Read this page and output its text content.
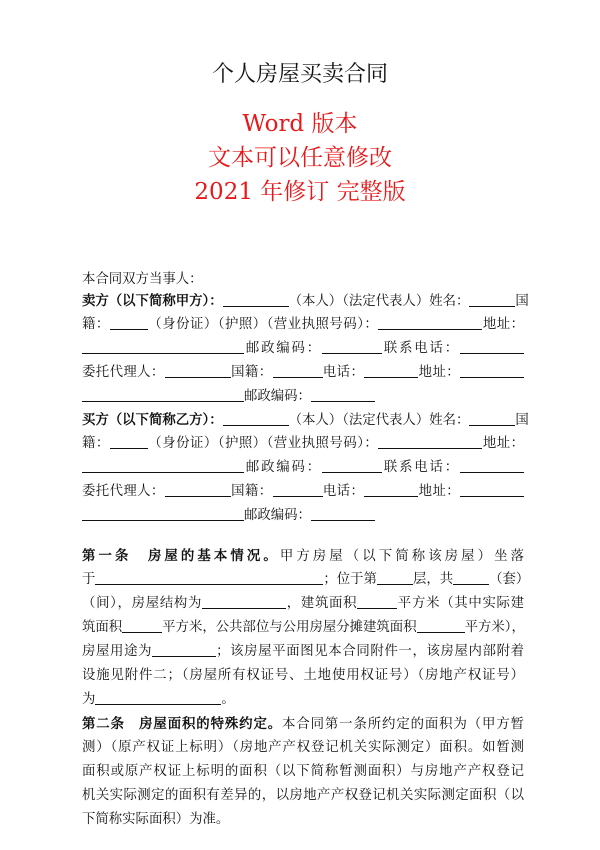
个人房屋买卖合同
Word 版本
文本可以任意修改
2021 年修订 完整版
本合同双方当事人：
卖方（以下简称甲方）：	（本人）（法定代表人）姓名：	国
籍：	（身份证）（护照）（营业执照号码）：	地址：
邮政编码：	联系电话：
委托代理人：	国籍：	电话：	地址：
邮政编码：
买方（以下简称乙方）：	（本人）（法定代表人）姓名：	国
籍：	（身份证）（护照）（营业执照号码）：	地址：
邮政编码：	联系电话：
委托代理人：	国籍：	电话：	地址：
邮政编码：
第一条　房屋的基本情况。甲方房屋（以下简称该房屋）坐落
于	；位于第	层，共	（套）
（间），房屋结构为	，建筑面积	平方米（其中实际建
筑面积	平方米，公共部位与公用房屋分摊建筑面积	平方米），
房屋用途为	；该房屋平面图见本合同附件一，该房屋内部附着
设施见附件二；（房屋所有权证号、土地使用权证号）（房地产权证号）
为	。
第二条　房屋面积的特殊约定。本合同第一条所约定的面积为（甲方暂
测）（原产权证上标明）（房地产产权登记机关实际测定）面积。如暂测
面积或原产权证上标明的面积（以下简称暂测面积）与房地产产权登记
机关实际测定的面积有差异的，以房地产产权登记机关实际测定面积（以
下简称实际面积）为准。
